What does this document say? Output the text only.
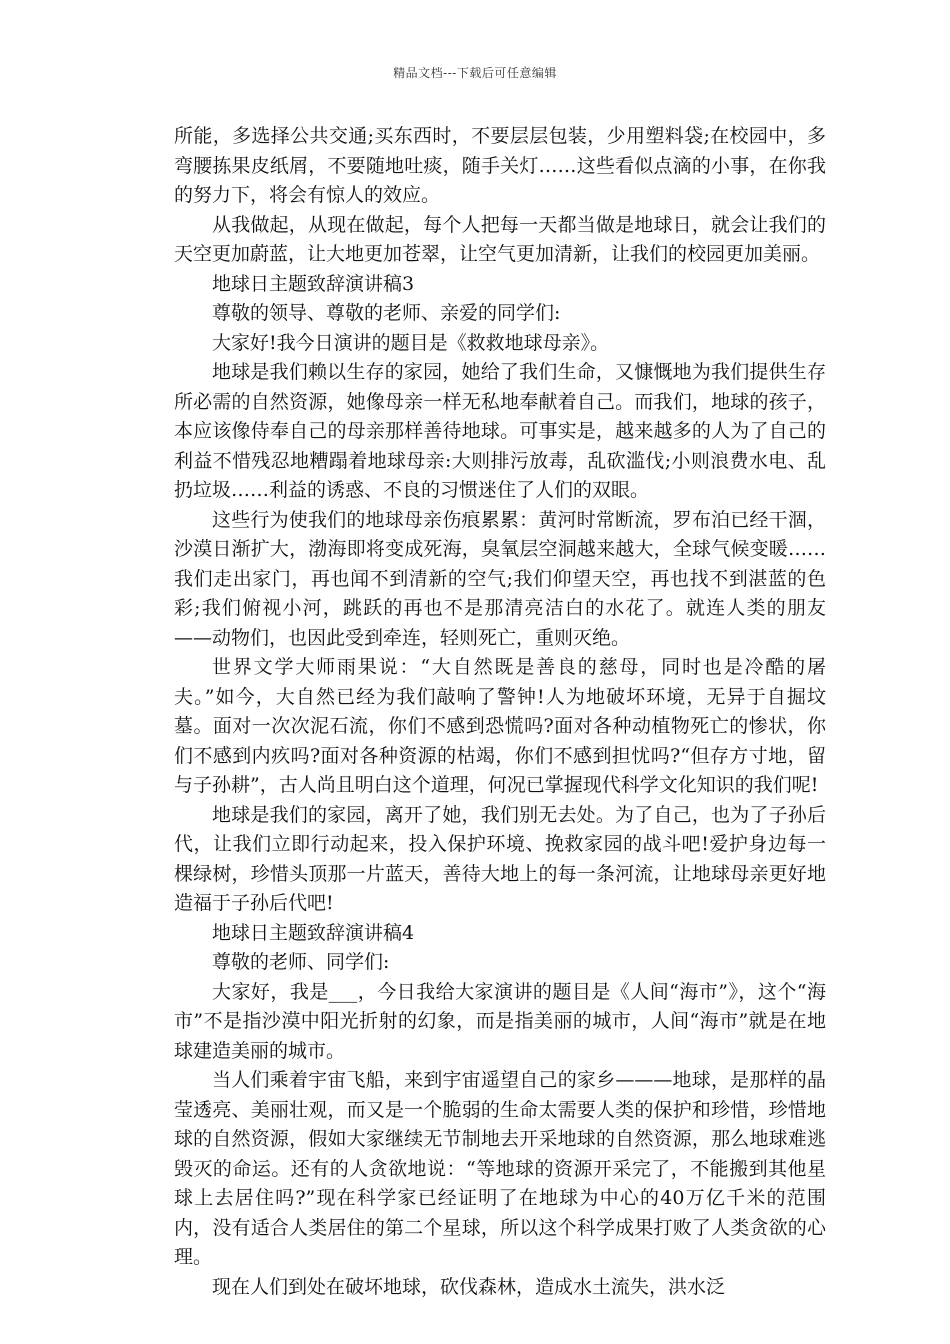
精品文档---下载后可任意编辑

所能，多选择公共交通;买东西时，不要层层包装，少用塑料袋;在校园中，多弯腰拣果皮纸屑，不要随地吐痰，随手关灯……这些看似点滴的小事，在你我的努力下，将会有惊人的效应。

从我做起，从现在做起，每个人把每一天都当做是地球日，就会让我们的天空更加蔚蓝，让大地更加苍翠，让空气更加清新，让我们的校园更加美丽。

地球日主题致辞演讲稿3

尊敬的领导、尊敬的老师、亲爱的同学们:

大家好!我今日演讲的题目是《救救地球母亲》。

地球是我们赖以生存的家园，她给了我们生命，又慷慨地为我们提供生存所必需的自然资源，她像母亲一样无私地奉献着自己。而我们，地球的孩子，本应该像侍奉自己的母亲那样善待地球。可事实是，越来越多的人为了自己的利益不惜残忍地糟蹋着地球母亲:大则排污放毒，乱砍滥伐;小则浪费水电、乱扔垃圾……利益的诱惑、不良的习惯迷住了人们的双眼。

这些行为使我们的地球母亲伤痕累累：黄河时常断流，罗布泊已经干涸，沙漠日渐扩大，渤海即将变成死海，臭氧层空洞越来越大，全球气候变暖……我们走出家门，再也闻不到清新的空气;我们仰望天空，再也找不到湛蓝的色彩;我们俯视小河，跳跃的再也不是那清亮洁白的水花了。就连人类的朋友——动物们，也因此受到牵连，轻则死亡，重则灭绝。

世界文学大师雨果说：“大自然既是善良的慈母，同时也是冷酷的屠夫。”如今，大自然已经为我们敲响了警钟!人为地破坏环境，无异于自掘坟墓。面对一次次泥石流，你们不感到恐慌吗?面对各种动植物死亡的惨状，你们不感到内疚吗?面对各种资源的枯竭，你们不感到担忧吗?“但存方寸地，留与子孙耕”，古人尚且明白这个道理，何况已掌握现代科学文化知识的我们呢!

地球是我们的家园，离开了她，我们别无去处。为了自己，也为了子孙后代，让我们立即行动起来，投入保护环境、挽救家园的战斗吧!爱护身边每一棵绿树，珍惜头顶那一片蓝天，善待大地上的每一条河流，让地球母亲更好地造福于子孙后代吧!

地球日主题致辞演讲稿4

尊敬的老师、同学们:

大家好，我是___，今日我给大家演讲的题目是《人间“海市”》，这个“海市”不是指沙漠中阳光折射的幻象，而是指美丽的城市，人间“海市”就是在地球建造美丽的城市。

当人们乘着宇宙飞船，来到宇宙遥望自己的家乡———地球，是那样的晶莹透亮、美丽壮观，而又是一个脆弱的生命太需要人类的保护和珍惜，珍惜地球的自然资源，假如大家继续无节制地去开采地球的自然资源，那么地球难逃毁灭的命运。还有的人贪欲地说：“等地球的资源开采完了，不能搬到其他星球上去居住吗?”现在科学家已经证明了在地球为中心的40万亿千米的范围内，没有适合人类居住的第二个星球，所以这个科学成果打败了人类贪欲的心理。

现在人们到处在破坏地球，砍伐森林，造成水土流失，洪水泛
